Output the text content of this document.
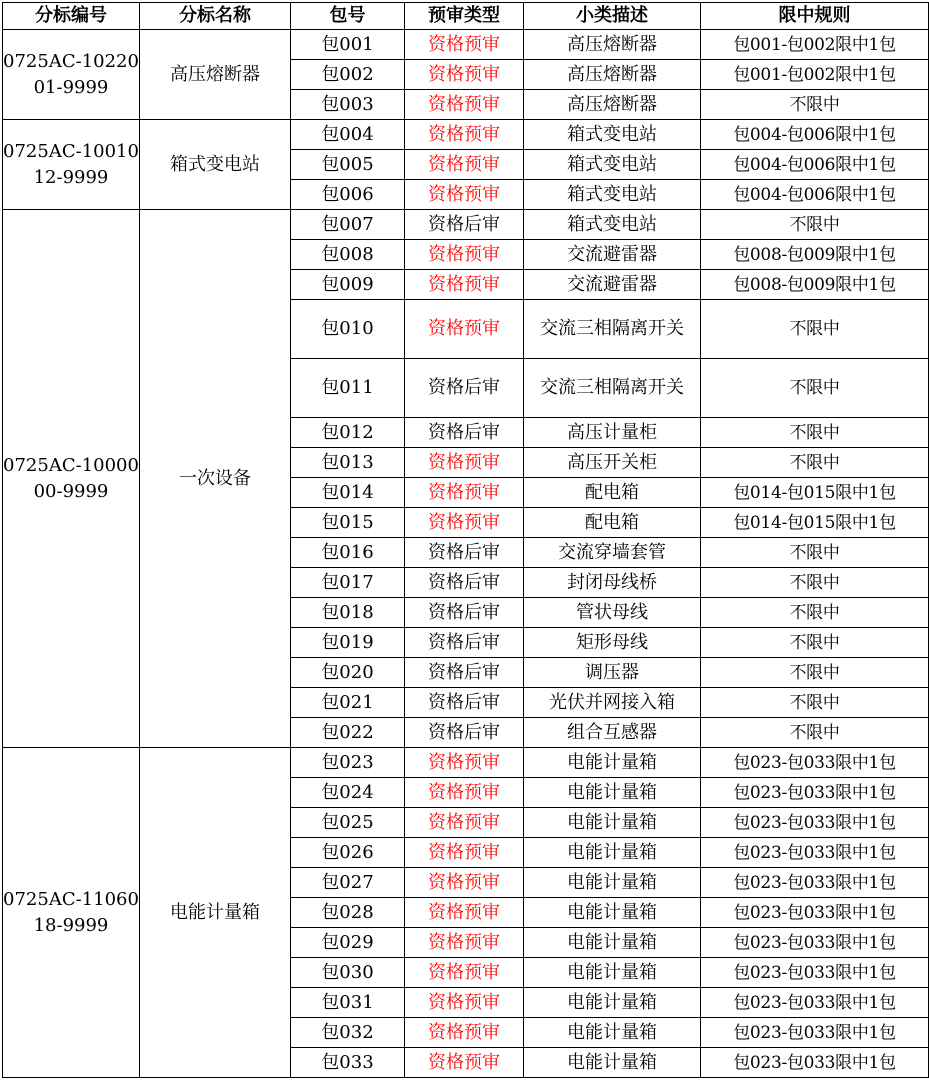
分标编号	分标名称	包号	预审类型	小类描述	限中规则
0725AC-1022001-9999	高压熔断器	包001	资格预审	高压熔断器	包001-包002限中1包
		包002	资格预审	高压熔断器	包001-包002限中1包
		包003	资格预审	高压熔断器	不限中
0725AC-1001012-9999	箱式变电站	包004	资格预审	箱式变电站	包004-包006限中1包
		包005	资格预审	箱式变电站	包004-包006限中1包
		包006	资格预审	箱式变电站	包004-包006限中1包
0725AC-1000000-9999	一次设备	包007	资格后审	箱式变电站	不限中
		包008	资格预审	交流避雷器	包008-包009限中1包
		包009	资格预审	交流避雷器	包008-包009限中1包
		包010	资格预审	交流三相隔离开关	不限中
		包011	资格后审	交流三相隔离开关	不限中
		包012	资格后审	高压计量柜	不限中
		包013	资格预审	高压开关柜	不限中
		包014	资格预审	配电箱	包014-包015限中1包
		包015	资格预审	配电箱	包014-包015限中1包
		包016	资格后审	交流穿墙套管	不限中
		包017	资格后审	封闭母线桥	不限中
		包018	资格后审	管状母线	不限中
		包019	资格后审	矩形母线	不限中
		包020	资格后审	调压器	不限中
		包021	资格后审	光伏并网接入箱	不限中
		包022	资格后审	组合互感器	不限中
0725AC-1106018-9999	电能计量箱	包023	资格预审	电能计量箱	包023-包033限中1包
		包024	资格预审	电能计量箱	包023-包033限中1包
		包025	资格预审	电能计量箱	包023-包033限中1包
		包026	资格预审	电能计量箱	包023-包033限中1包
		包027	资格预审	电能计量箱	包023-包033限中1包
		包028	资格预审	电能计量箱	包023-包033限中1包
		包029	资格预审	电能计量箱	包023-包033限中1包
		包030	资格预审	电能计量箱	包023-包033限中1包
		包031	资格预审	电能计量箱	包023-包033限中1包
		包032	资格预审	电能计量箱	包023-包033限中1包
		包033	资格预审	电能计量箱	包023-包033限中1包
